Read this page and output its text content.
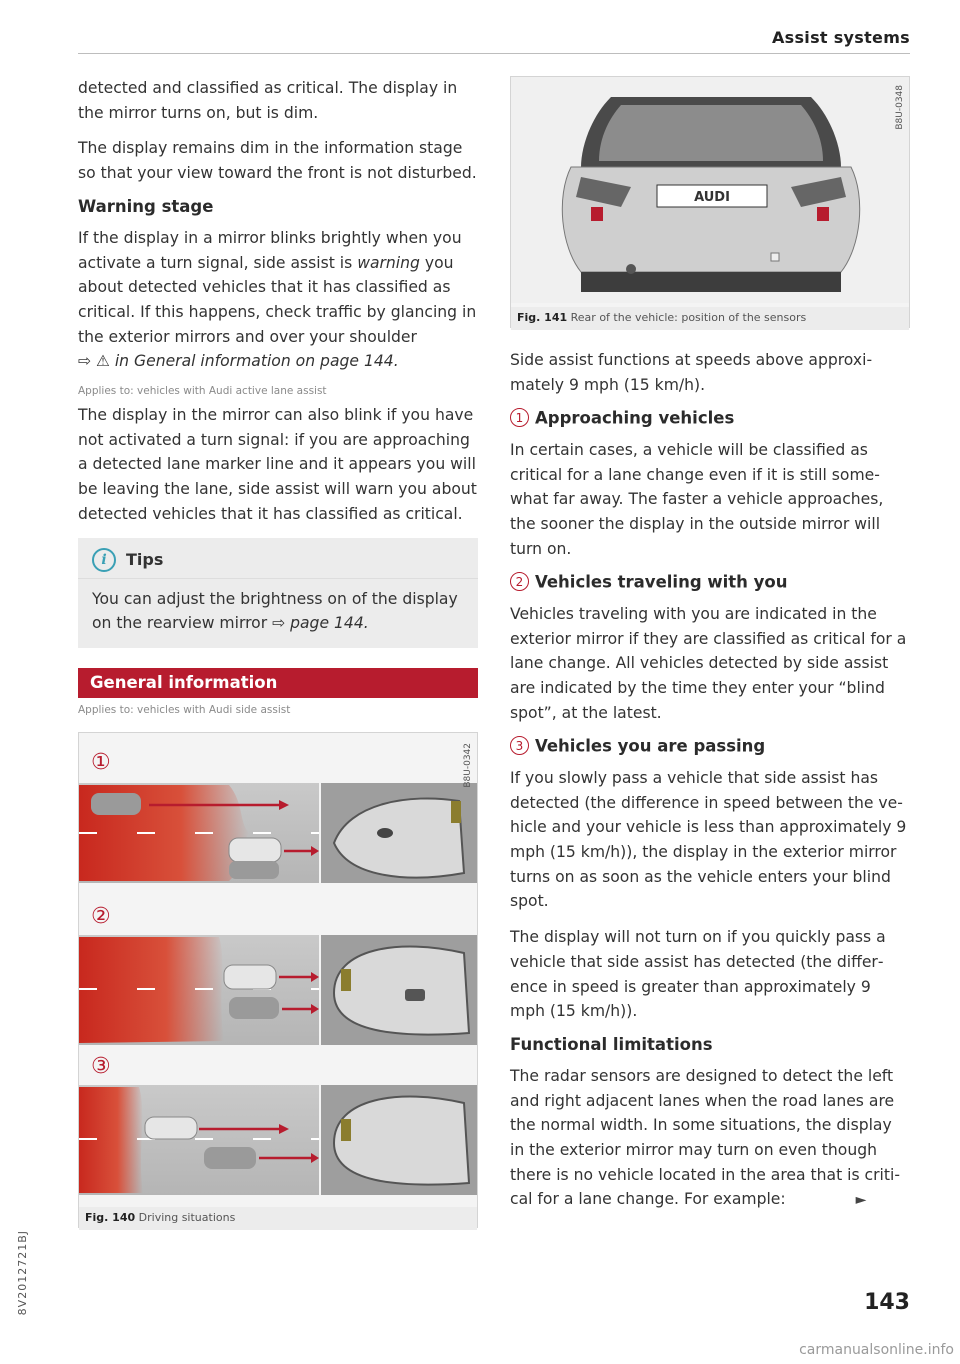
Assist systems

detected and classified as critical. The display in the mirror turns on, but is dim.

The display remains dim in the information stage so that your view toward the front is not disturbed.

Warning stage

If the display in a mirror blinks brightly when you activate a turn signal, side assist is warning you about detected vehicles that it has classified as critical. If this happens, check traffic by glancing in the exterior mirrors and over your shoulder
⇨ ⚠ in General information on page 144.

Applies to: vehicles with Audi active lane assist

The display in the mirror can also blink if you have not activated a turn signal: if you are approaching a detected lane marker line and it appears you will be leaving the lane, side assist will warn you about detected vehicles that it has classified as critical.

i	Tips

You can adjust the brightness on of the display on the rearview mirror ⇨ page 144.

General information
Applies to: vehicles with Audi side assist
B8U-0342
①
②
③
Fig. 140 Driving situations
B8U-0348
AUDI
Fig. 141 Rear of the vehicle: position of the sensors

Side assist functions at speeds above approximately 9 mph (15 km/h).

1 Approaching vehicles

In certain cases, a vehicle will be classified as critical for a lane change even if it is still somewhat far away. The faster a vehicle approaches, the sooner the display in the outside mirror will turn on.

2 Vehicles traveling with you

Vehicles traveling with you are indicated in the exterior mirror if they are classified as critical for a lane change. All vehicles detected by side assist are indicated by the time they enter your “blind spot”, at the latest.

3 Vehicles you are passing

If you slowly pass a vehicle that side assist has detected (the difference in speed between the vehicle and your vehicle is less than approximately 9 mph (15 km/h)), the display in the exterior mirror turns on as soon as the vehicle enters your blind spot.

The display will not turn on if you quickly pass a vehicle that side assist has detected (the difference in speed is greater than approximately 9 mph (15 km/h)).

Functional limitations

The radar sensors are designed to detect the left and right adjacent lanes when the road lanes are the normal width. In some situations, the display in the exterior mirror may turn on even though there is no vehicle located in the area that is critical for a lane change. For example:	►

143
8V2012721BJ
carmanualsonline.info
